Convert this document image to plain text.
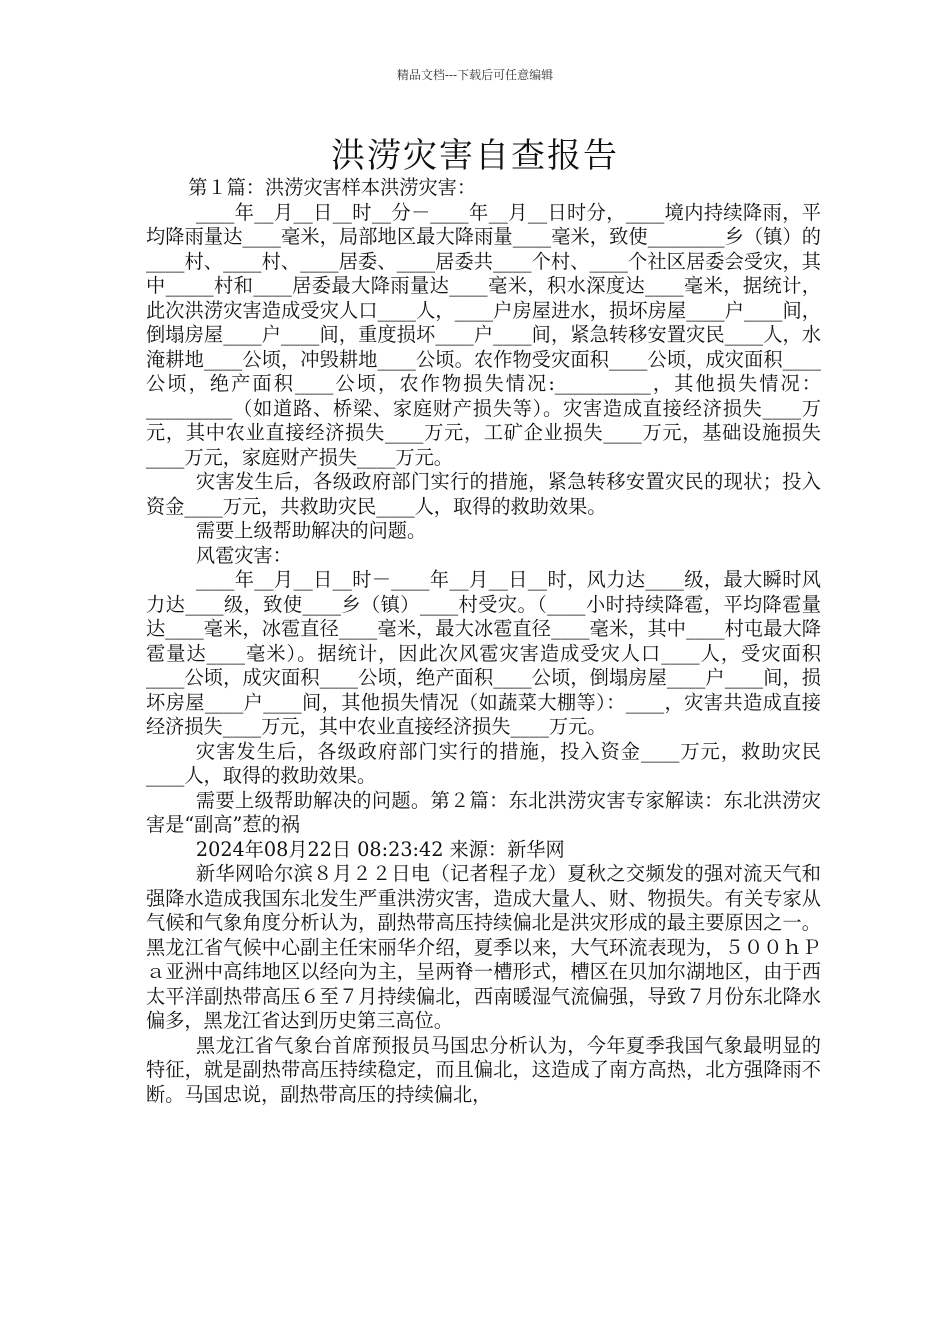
精品文档---下载后可任意编辑
洪涝灾害自查报告

第１篇：洪涝灾害样本洪涝灾害：

____年__月__日__时__分－____年__月__日时分，____境内持续降雨，平均降雨量达____毫米，局部地区最大降雨量____毫米，致使________乡（镇）的____村、____村、____居委、____居委共____个村、____个社区居委会受灾，其中_____村和____居委最大降雨量达____毫米，积水深度达____毫米，据统计，此次洪涝灾害造成受灾人口____人，____户房屋进水，损坏房屋____户____间，倒塌房屋____户____间，重度损坏____户____间，紧急转移安置灾民____人，水淹耕地____公顷，冲毁耕地____公顷。农作物受灾面积____公顷，成灾面积____公顷，绝产面积____公顷，农作物损失情况:__________，其他损失情况：_________（如道路、桥梁、家庭财产损失等）。灾害造成直接经济损失____万元，其中农业直接经济损失____万元，工矿企业损失____万元，基础设施损失____万元，家庭财产损失____万元。

灾害发生后，各级政府部门实行的措施，紧急转移安置灾民的现状；投入资金____万元，共救助灾民____人，取得的救助效果。

需要上级帮助解决的问题。

风雹灾害：

____年__月__日__时－____年__月__日__时，风力达____级，最大瞬时风力达____级，致使____乡（镇）____村受灾。（____小时持续降雹，平均降雹量达____毫米，冰雹直径____毫米，最大冰雹直径____毫米，其中____村屯最大降雹量达____毫米）。据统计，因此次风雹灾害造成受灾人口____人，受灾面积____公顷，成灾面积____公顷，绝产面积____公顷，倒塌房屋____户____间，损坏房屋____户____间，其他损失情况（如蔬菜大棚等）：____，灾害共造成直接经济损失____万元，其中农业直接经济损失____万元。

灾害发生后，各级政府部门实行的措施，投入资金____万元，救助灾民____人，取得的救助效果。

需要上级帮助解决的问题。第２篇：东北洪涝灾害专家解读：东北洪涝灾害是“副高”惹的祸

2024年08月22日 08:23:42 来源：新华网

新华网哈尔滨８月２２日电（记者程子龙）夏秋之交频发的强对流天气和强降水造成我国东北发生严重洪涝灾害，造成大量人、财、物损失。有关专家从气候和气象角度分析认为，副热带高压持续偏北是洪灾形成的最主要原因之一。黑龙江省气候中心副主任宋丽华介绍，夏季以来，大气环流表现为，５００ｈＰａ亚洲中高纬地区以经向为主，呈两脊一槽形式，槽区在贝加尔湖地区，由于西太平洋副热带高压６至７月持续偏北，西南暖湿气流偏强，导致７月份东北降水偏多，黑龙江省达到历史第三高位。

黑龙江省气象台首席预报员马国忠分析认为，今年夏季我国气象最明显的特征，就是副热带高压持续稳定，而且偏北，这造成了南方高热，北方强降雨不断。马国忠说，副热带高压的持续偏北，
